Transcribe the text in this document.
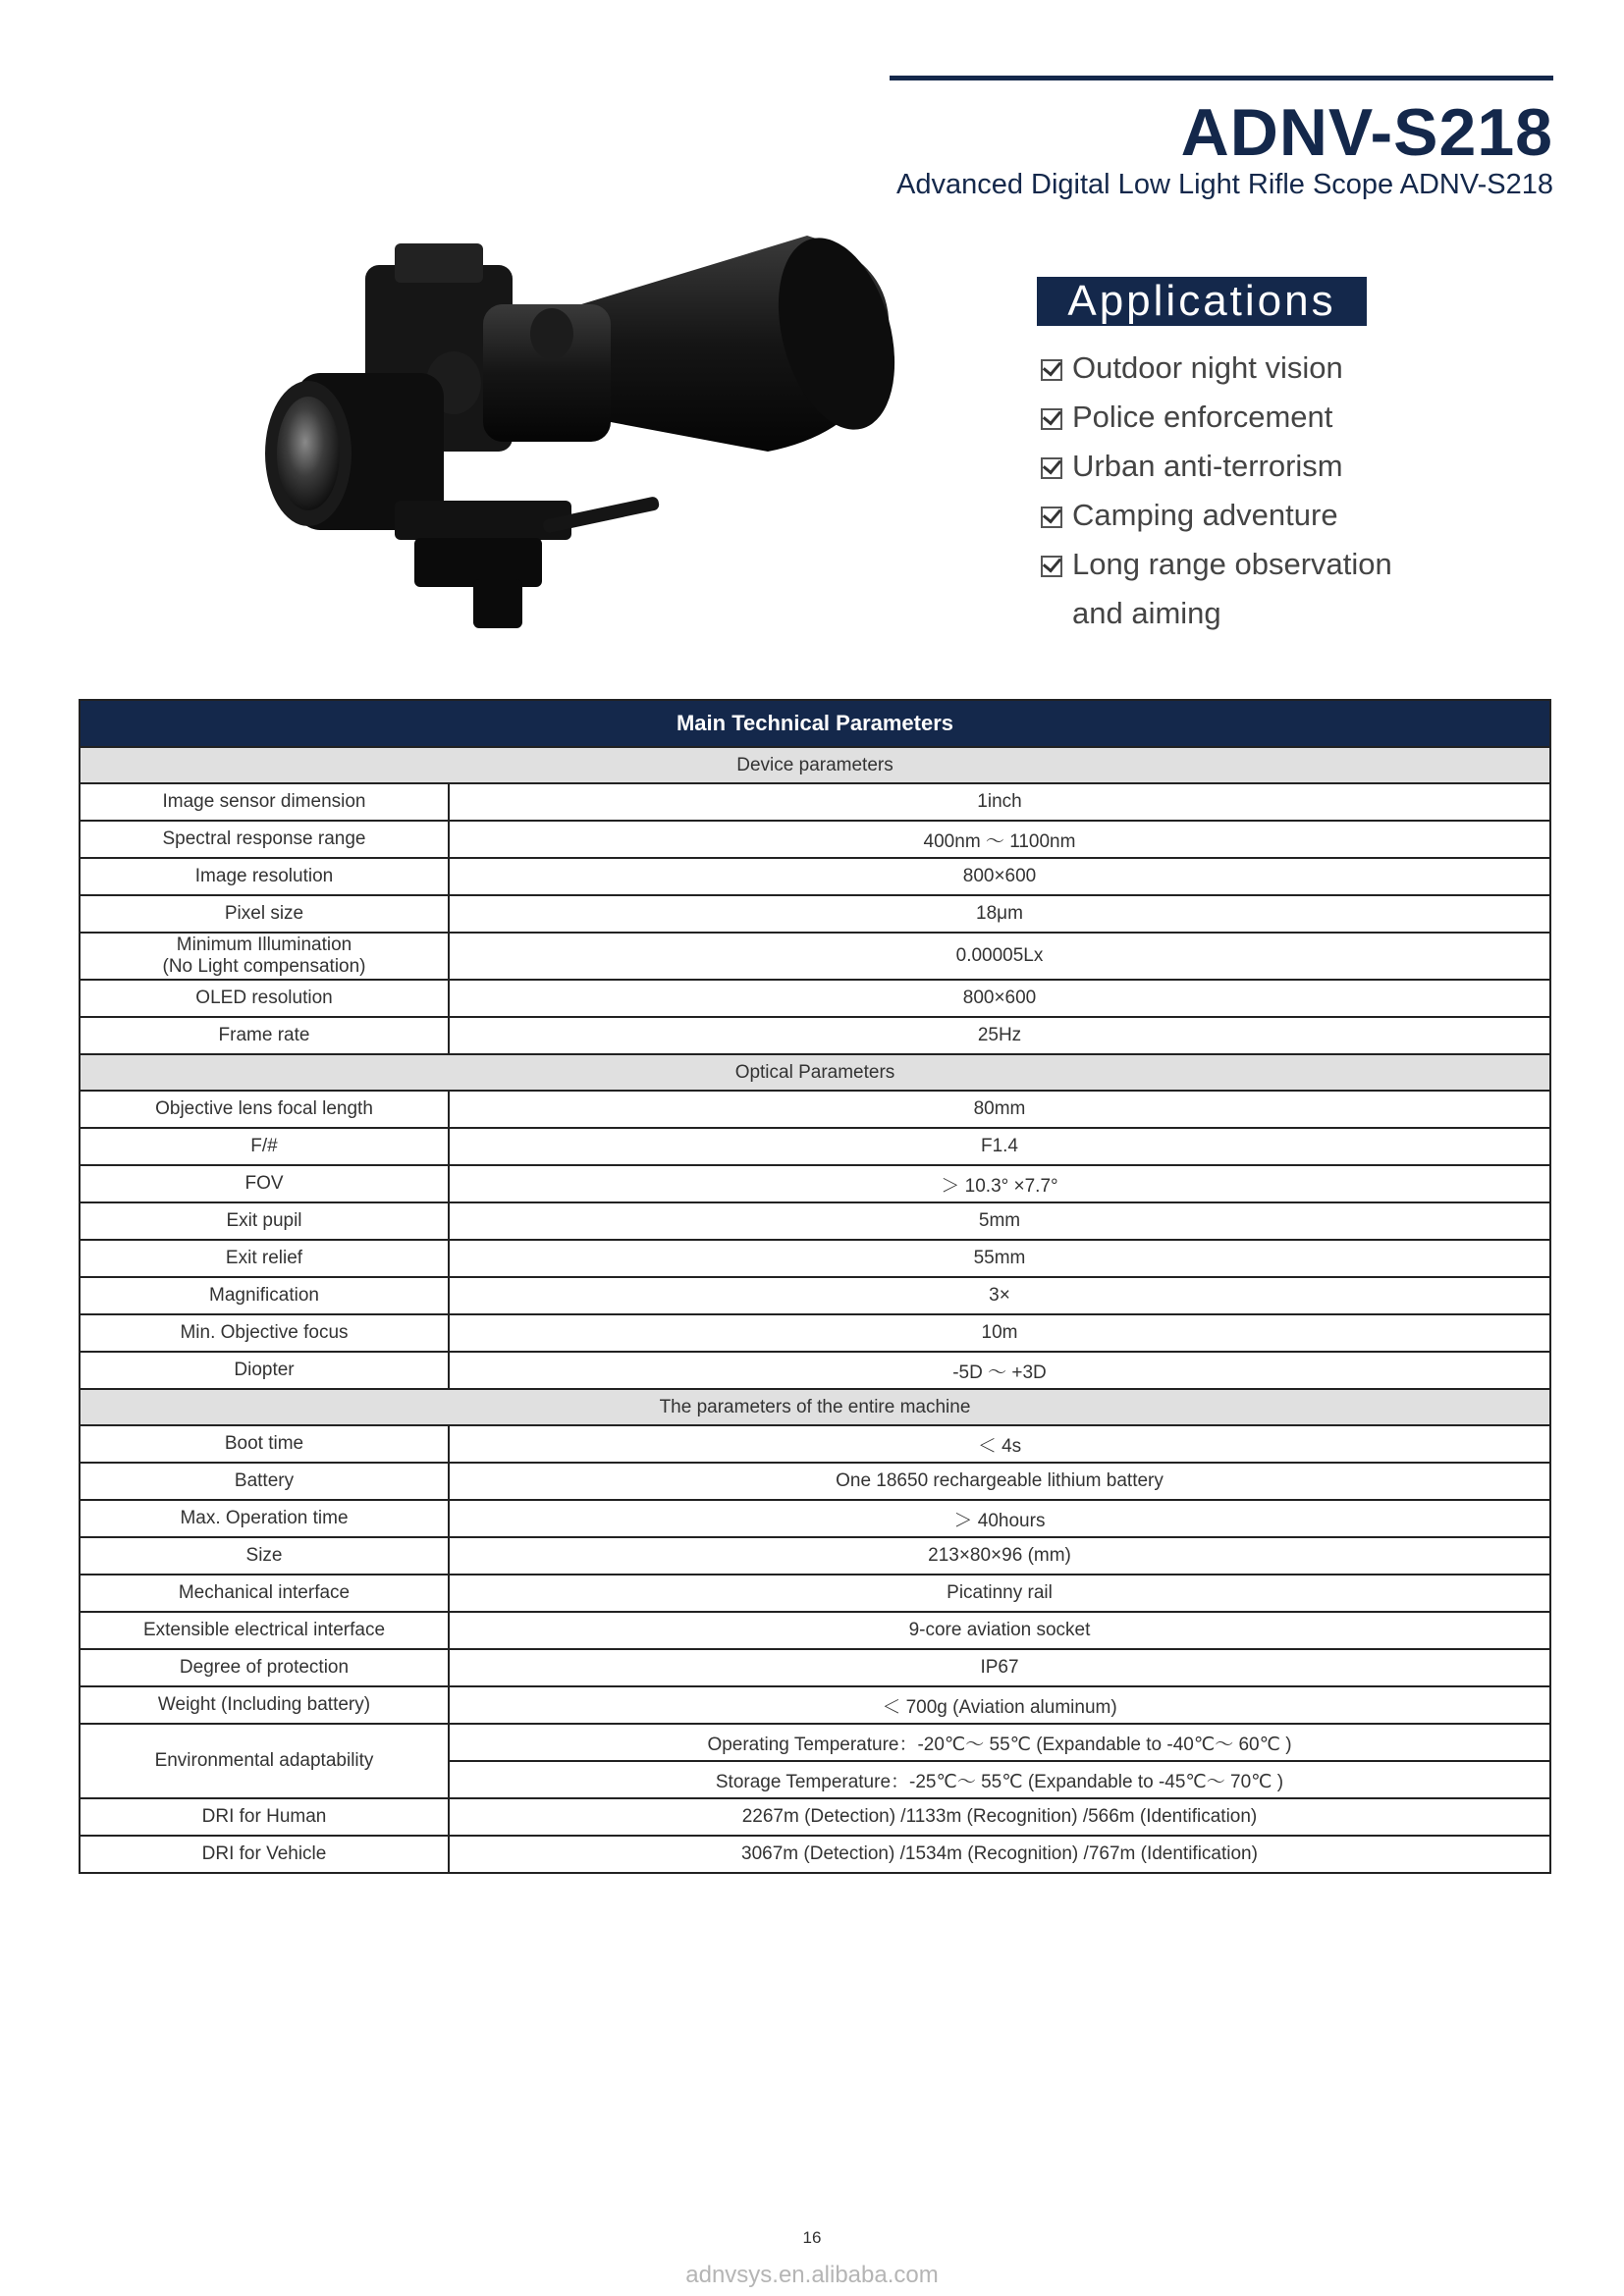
ADNV-S218
Advanced Digital Low Light Rifle Scope ADNV-S218
Applications
Outdoor night vision
Police enforcement
Urban anti-terrorism
Camping adventure
Long range observation
and aiming
Main Technical Parameters	
Device parameters	
Image sensor dimension	1inch
Spectral response range	400nm ～ 1100nm
Image resolution	800×600
Pixel size	18μm

Minimum Illumination
(No Light compensation)	0.00005Lx
OLED resolution	800×600
Frame rate	25Hz
Optical Parameters	
Objective lens focal length	80mm
F/#	F1.4
FOV	＞ 10.3° ×7.7°
Exit pupil	5mm
Exit relief	55mm
Magnification	3×
Min. Objective focus	10m
Diopter	-5D ～ +3D
The parameters of the entire machine	
Boot time	＜ 4s
Battery	One 18650 rechargeable lithium battery
Max. Operation time	＞ 40hours
Size	213×80×96 (mm)
Mechanical interface	Picatinny rail
Extensible electrical interface	9-core aviation socket
Degree of protection	IP67
Weight (Including battery)	＜ 700g (Aviation aluminum)
Environmental adaptability	Operating Temperature：-20℃～ 55℃ (Expandable to -40℃～ 60℃ )
	Storage Temperature：-25℃～ 55℃ (Expandable to -45℃～ 70℃ )
DRI for Human	2267m (Detection) /1133m (Recognition) /566m (Identification)
DRI for Vehicle	3067m (Detection) /1534m (Recognition) /767m (Identification)
16
adnvsys.en.alibaba.com
